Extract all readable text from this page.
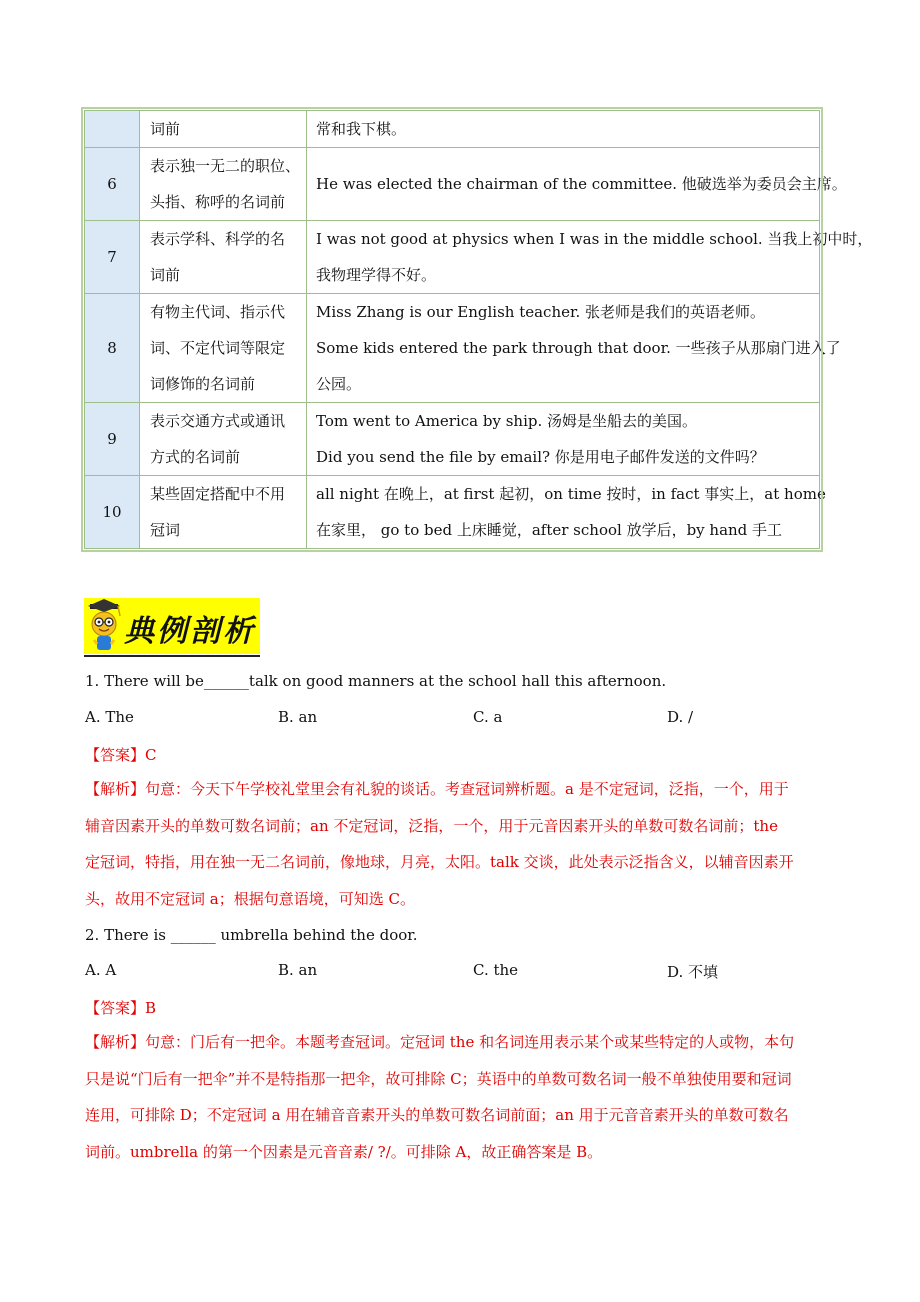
	词前	常和我下棋。

6	表示独一无二的职位、
头指、称呼的名词前	He was elected the chairman of the committee. 他破选举为委员会主席。

7	表示学科、科学的名
词前	I was not good at physics when I was in the middle school. 当我上初中时，
我物理学得不好。

8	有物主代词、指示代
词、不定代词等限定
词修饰的名词前	Miss Zhang is our English teacher. 张老师是我们的英语老师。
Some kids entered the park through that door. 一些孩子从那扇门进入了
公园。

9	表示交通方式或通讯
方式的名词前	Tom went to America by ship. 汤姆是坐船去的美国。
Did you send the file by email? 你是用电子邮件发送的文件吗？

10	某些固定搭配中不用
冠词	all night 在晚上，at first 起初，on time 按时，in fact 事实上，at home
在家里， go to bed 上床睡觉，after school 放学后，by hand 手工
典例剖析
1. There will be______talk on good manners at the school hall this afternoon.
A. The	B. an	C. a	D. /
【答案】C
【解析】句意：今天下午学校礼堂里会有礼貌的谈话。考查冠词辨析题。a 是不定冠词，泛指，一个，用于
辅音因素开头的单数可数名词前；an 不定冠词，泛指，一个，用于元音因素开头的单数可数名词前；the
定冠词，特指，用在独一无二名词前，像地球，月亮，太阳。talk 交谈，此处表示泛指含义，以辅音因素开
头，故用不定冠词 a；根据句意语境，可知选 C。
2. There is ______ umbrella behind the door.
A. A	B. an	C. the	D. 不填
【答案】B
【解析】句意：门后有一把伞。本题考查冠词。定冠词 the 和名词连用表示某个或某些特定的人或物，本句
只是说“门后有一把伞”并不是特指那一把伞，故可排除 C；英语中的单数可数名词一般不单独使用要和冠词
连用，可排除 D；不定冠词 a 用在辅音音素开头的单数可数名词前面；an 用于元音音素开头的单数可数名
词前。umbrella 的第一个因素是元音音素/ ?/。可排除 A，故正确答案是 B。
